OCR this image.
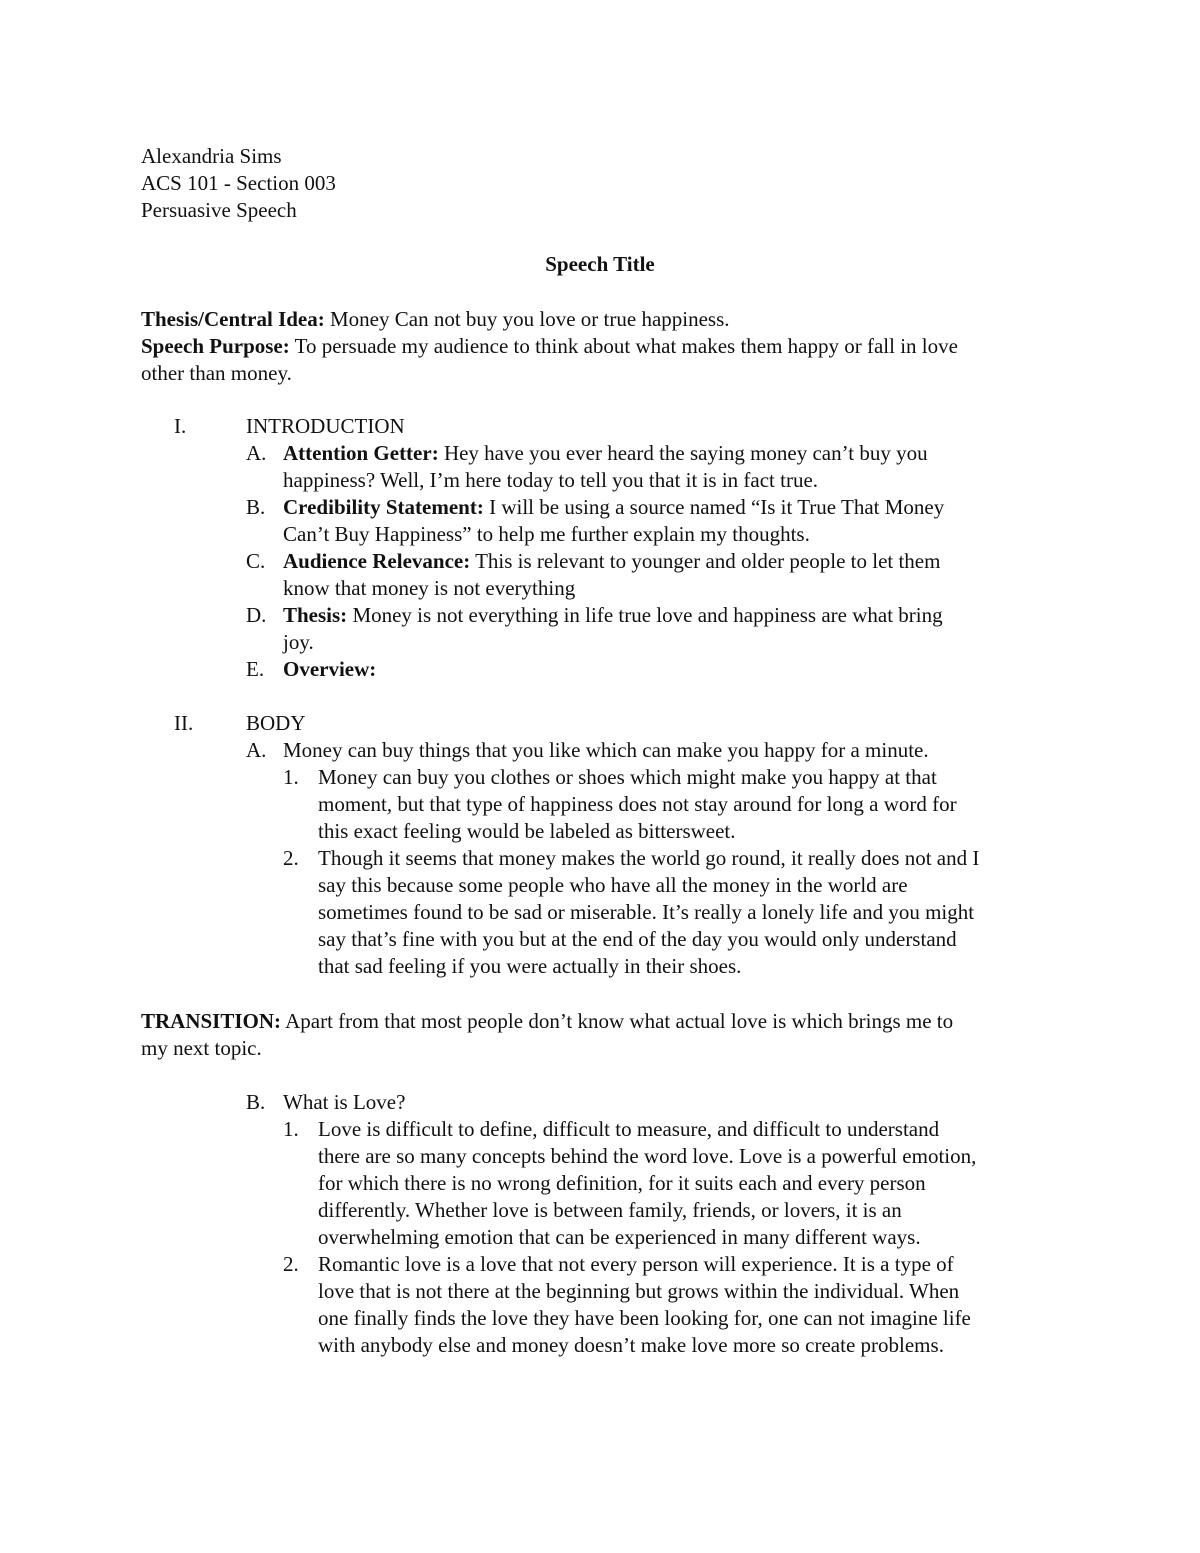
Alexandria Sims
ACS 101 - Section 003
Persuasive Speech
Speech Title
Thesis/Central Idea: Money Can not buy you love or true happiness.
Speech Purpose: To persuade my audience to think about what makes them happy or fall in love
other than money.
I.	INTRODUCTION
A. Attention Getter: Hey have you ever heard the saying money can’t buy you
happiness? Well, I’m here today to tell you that it is in fact true.
B. Credibility Statement: I will be using a source named “Is it True That Money
Can’t Buy Happiness” to help me further explain my thoughts.
C. Audience Relevance: This is relevant to younger and older people to let them
know that money is not everything
D. Thesis: Money is not everything in life true love and happiness are what bring
joy.
E. Overview:
II.	BODY
A. Money can buy things that you like which can make you happy for a minute.
1. Money can buy you clothes or shoes which might make you happy at that
moment, but that type of happiness does not stay around for long a word for
this exact feeling would be labeled as bittersweet.
2. Though it seems that money makes the world go round, it really does not and I
say this because some people who have all the money in the world are
sometimes found to be sad or miserable. It’s really a lonely life and you might
say that’s fine with you but at the end of the day you would only understand
that sad feeling if you were actually in their shoes.
TRANSITION: Apart from that most people don’t know what actual love is which brings me to
my next topic.
B. What is Love?
1. Love is difficult to define, difficult to measure, and difficult to understand
there are so many concepts behind the word love. Love is a powerful emotion,
for which there is no wrong definition, for it suits each and every person
differently. Whether love is between family, friends, or lovers, it is an
overwhelming emotion that can be experienced in many different ways.
2. Romantic love is a love that not every person will experience. It is a type of
love that is not there at the beginning but grows within the individual. When
one finally finds the love they have been looking for, one can not imagine life
with anybody else and money doesn’t make love more so create problems.
